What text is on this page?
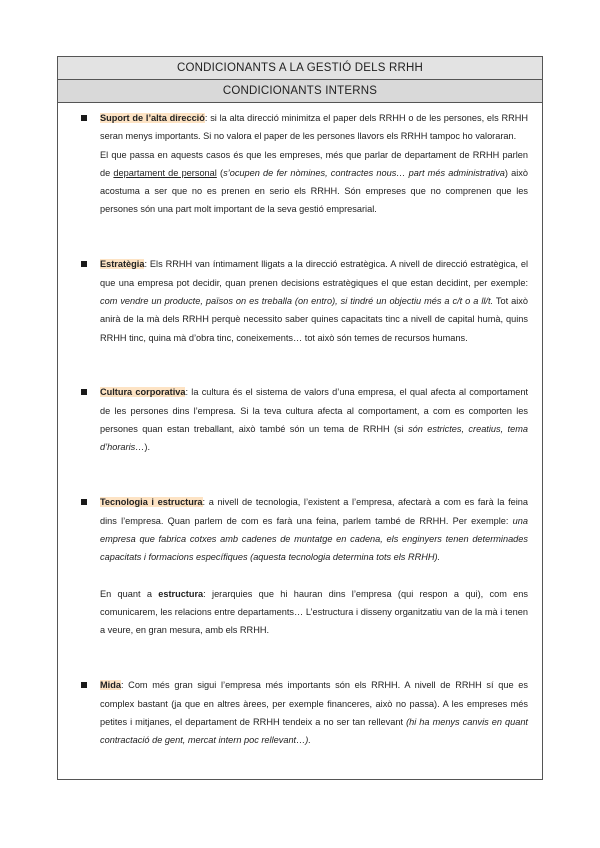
CONDICIONANTS A LA GESTIÓ DELS RRHH
CONDICIONANTS INTERNS
Suport de l’alta direcció: si la alta direcció minimitza el paper dels RRHH o de les persones, els RRHH seran menys importants. Si no valora el paper de les persones llavors els RRHH tampoc ho valoraran.
El que passa en aquests casos és que les empreses, més que parlar de departament de RRHH parlen de departament de personal (s’ocupen de fer nòmines, contractes nous… part més administrativa) això acostuma a ser que no es prenen en serio els RRHH. Són empreses que no comprenen que les persones són una part molt important de la seva gestió empresarial.
Estratègia: Els RRHH van íntimament lligats a la direcció estratègica. A nivell de direcció estratègica, el que una empresa pot decidir, quan prenen decisions estratègiques el que estan decidint, per exemple: com vendre un producte, països on es treballa (on entro), si tindré un objectiu més a c/t o a ll/t. Tot això anirà de la mà dels RRHH perquè necessito saber quines capacitats tinc a nivell de capital humà, quins RRHH tinc, quina mà d’obra tinc, coneixements… tot això són temes de recursos humans.
Cultura corporativa: la cultura és el sistema de valors d’una empresa, el qual afecta al comportament de les persones dins l’empresa. Si la teva cultura afecta al comportament, a com es comporten les persones quan estan treballant, això també són un tema de RRHH (si són estrictes, creatius, tema d’horaris…).
Tecnologia i estructura: a nivell de tecnologia, l’existent a l’empresa, afectarà a com es farà la feina dins l’empresa. Quan parlem de com es farà una feina, parlem també de RRHH. Per exemple: una empresa que fabrica cotxes amb cadenes de muntatge en cadena, els enginyers tenen determinades capacitats i formacions específiques (aquesta tecnologia determina tots els RRHH).
En quant a estructura: jerarquies que hi hauran dins l’empresa (qui respon a qui), com ens comunicarem, les relacions entre departaments… L’estructura i disseny organitzatiu van de la mà i tenen a veure, en gran mesura, amb els RRHH.
Mida: Com més gran sigui l’empresa més importants són els RRHH. A nivell de RRHH sí que es complex bastant (ja que en altres àrees, per exemple financeres, això no passa). A les empreses més petites i mitjanes, el departament de RRHH tendeix a no ser tan rellevant (hi ha menys canvis en quant contractació de gent, mercat intern poc rellevant…).
